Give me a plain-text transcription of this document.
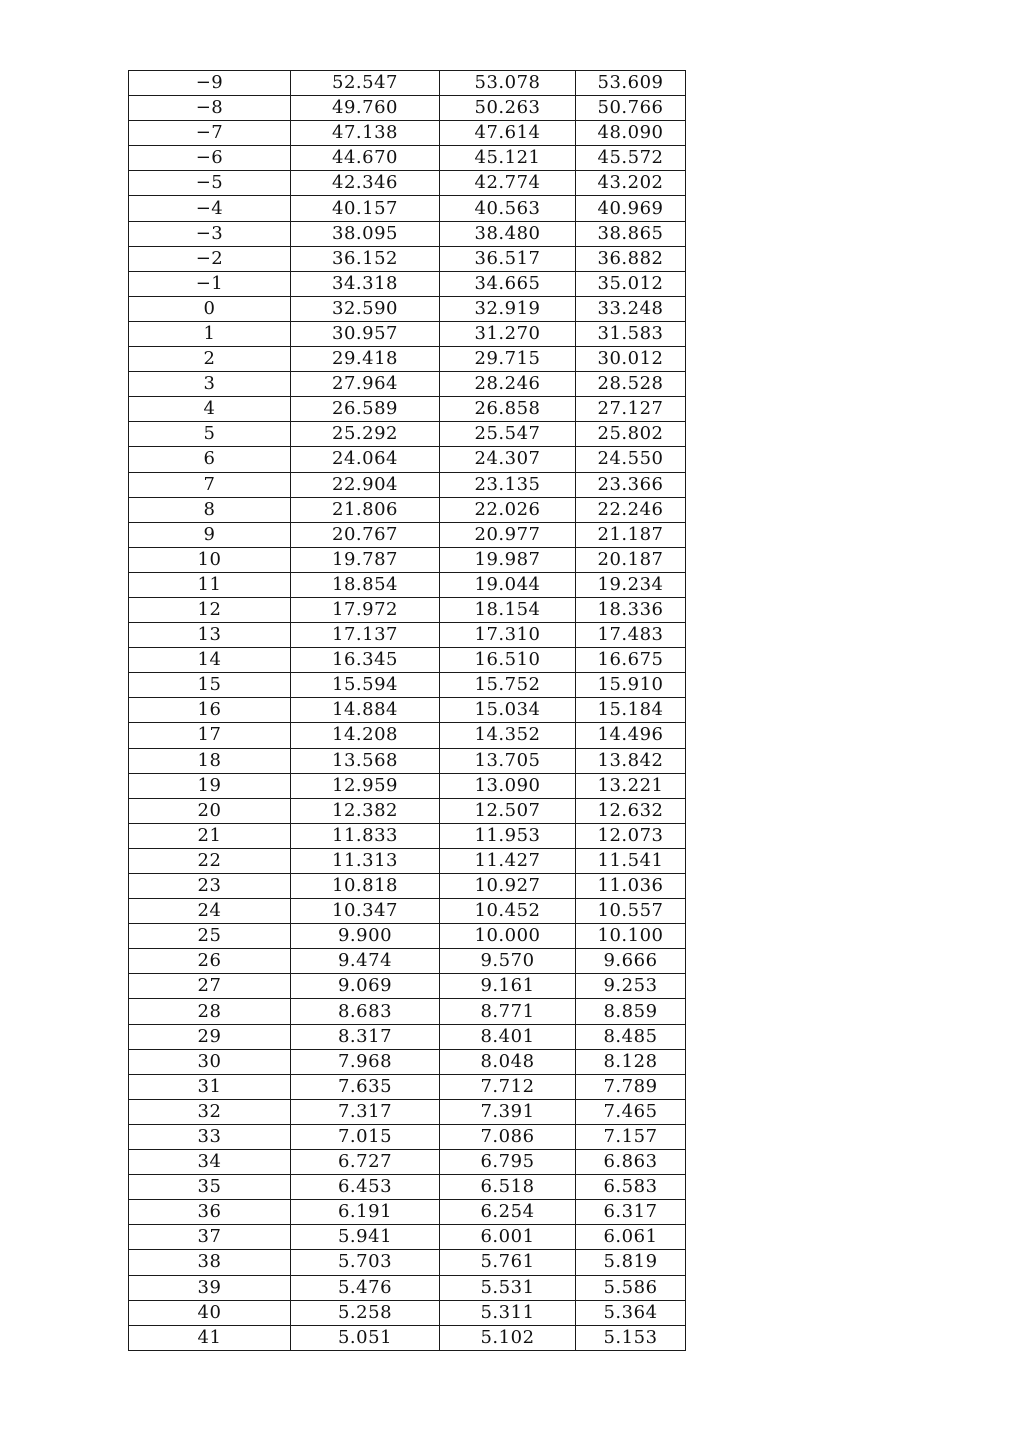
−9	52.547	53.078	53.609
−8	49.760	50.263	50.766
−7	47.138	47.614	48.090
−6	44.670	45.121	45.572
−5	42.346	42.774	43.202
−4	40.157	40.563	40.969
−3	38.095	38.480	38.865
−2	36.152	36.517	36.882
−1	34.318	34.665	35.012
0	32.590	32.919	33.248
1	30.957	31.270	31.583
2	29.418	29.715	30.012
3	27.964	28.246	28.528
4	26.589	26.858	27.127
5	25.292	25.547	25.802
6	24.064	24.307	24.550
7	22.904	23.135	23.366
8	21.806	22.026	22.246
9	20.767	20.977	21.187
10	19.787	19.987	20.187
11	18.854	19.044	19.234
12	17.972	18.154	18.336
13	17.137	17.310	17.483
14	16.345	16.510	16.675
15	15.594	15.752	15.910
16	14.884	15.034	15.184
17	14.208	14.352	14.496
18	13.568	13.705	13.842
19	12.959	13.090	13.221
20	12.382	12.507	12.632
21	11.833	11.953	12.073
22	11.313	11.427	11.541
23	10.818	10.927	11.036
24	10.347	10.452	10.557
25	9.900	10.000	10.100
26	9.474	9.570	9.666
27	9.069	9.161	9.253
28	8.683	8.771	8.859
29	8.317	8.401	8.485
30	7.968	8.048	8.128
31	7.635	7.712	7.789
32	7.317	7.391	7.465
33	7.015	7.086	7.157
34	6.727	6.795	6.863
35	6.453	6.518	6.583
36	6.191	6.254	6.317
37	5.941	6.001	6.061
38	5.703	5.761	5.819
39	5.476	5.531	5.586
40	5.258	5.311	5.364
41	5.051	5.102	5.153
